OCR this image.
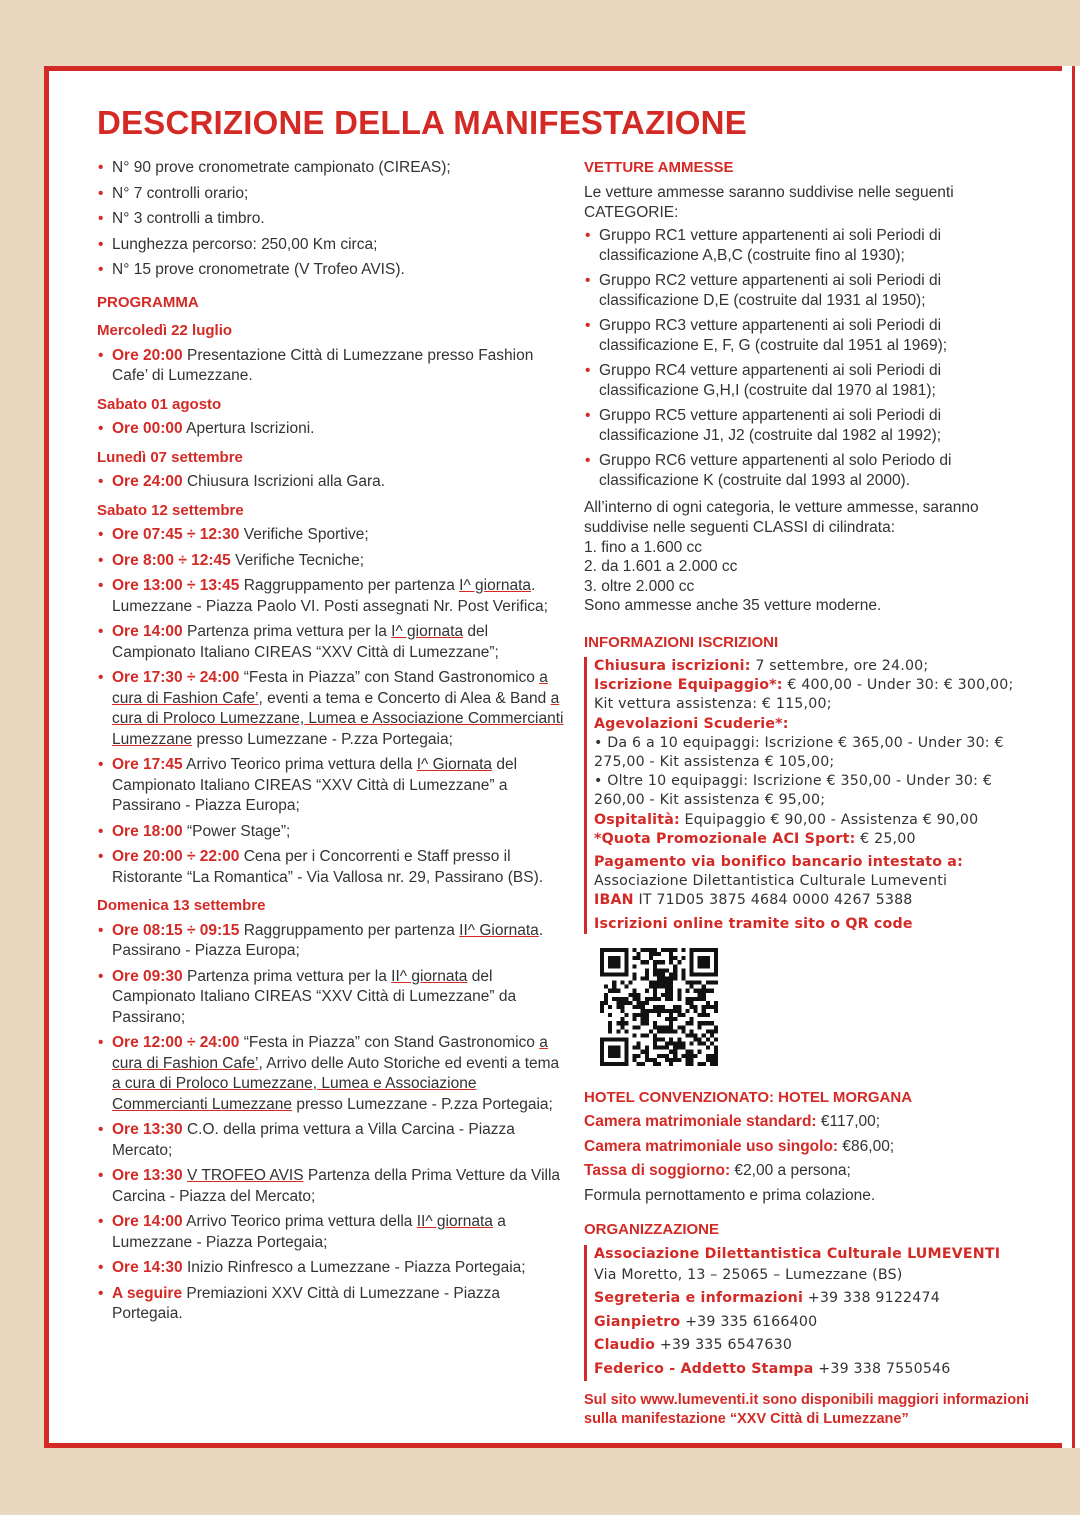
DESCRIZIONE DELLA MANIFESTAZIONE
• N° 90 prove cronometrate campionato (CIREAS);
• N° 7 controlli orario;
• N° 3 controlli a timbro.
• Lunghezza percorso: 250,00 Km circa;
• N° 15 prove cronometrate (V Trofeo AVIS).
PROGRAMMA
Mercoledì 22 luglio
• Ore 20:00 Presentazione Città di Lumezzane presso Fashion Cafe’ di Lumezzane.
Sabato 01 agosto
• Ore 00:00 Apertura Iscrizioni.
Lunedì 07 settembre
• Ore 24:00 Chiusura Iscrizioni alla Gara.
Sabato 12 settembre
• Ore 07:45 ÷ 12:30 Verifiche Sportive;
• Ore 8:00 ÷ 12:45 Verifiche Tecniche;
• Ore 13:00 ÷ 13:45 Raggruppamento per partenza I^ giornata. Lumezzane - Piazza Paolo VI. Posti assegnati Nr. Post Verifica;
• Ore 14:00 Partenza prima vettura per la I^ giornata del Campionato Italiano CIREAS “XXV Città di Lumezzane”;
• Ore 17:30 ÷ 24:00 “Festa in Piazza” con Stand Gastronomico a cura di Fashion Cafe’, eventi a tema e Concerto di Alea & Band a cura di Proloco Lumezzane, Lumea e Associazione Commercianti Lumezzane presso Lumezzane - P.zza Portegaia;
• Ore 17:45 Arrivo Teorico prima vettura della I^ Giornata del Campionato Italiano CIREAS “XXV Città di Lumezzane” a Passirano - Piazza Europa;
• Ore 18:00 “Power Stage”;
• Ore 20:00 ÷ 22:00 Cena per i Concorrenti e Staff presso il Ristorante “La Romantica” - Via Vallosa nr. 29, Passirano (BS).
Domenica 13 settembre
• Ore 08:15 ÷ 09:15 Raggruppamento per partenza II^ Giornata. Passirano - Piazza Europa;
• Ore 09:30 Partenza prima vettura per la II^ giornata del Campionato Italiano CIREAS “XXV Città di Lumezzane” da Passirano;
• Ore 12:00 ÷ 24:00 “Festa in Piazza” con Stand Gastronomico a cura di Fashion Cafe’, Arrivo delle Auto Storiche ed eventi a tema a cura di Proloco Lumezzane, Lumea e Associazione Commercianti Lumezzane presso Lumezzane - P.zza Portegaia;
• Ore 13:30 C.O. della prima vettura a Villa Carcina - Piazza Mercato;
• Ore 13:30 V TROFEO AVIS Partenza della Prima Vetture da Villa Carcina - Piazza del Mercato;
• Ore 14:00 Arrivo Teorico prima vettura della II^ giornata a Lumezzane - Piazza Portegaia;
• Ore 14:30 Inizio Rinfresco a Lumezzane - Piazza Portegaia;
• A seguire Premiazioni XXV Città di Lumezzane - Piazza Portegaia.
VETTURE AMMESSE

Le vetture ammesse saranno suddivise nelle seguenti CATEGORIE:

• Gruppo RC1 vetture appartenenti ai soli Periodi di classificazione A,B,C (costruite fino al 1930);
• Gruppo RC2 vetture appartenenti ai soli Periodi di classificazione D,E (costruite dal 1931 al 1950);
• Gruppo RC3 vetture appartenenti ai soli Periodi di classificazione E, F, G (costruite dal 1951 al 1969);
• Gruppo RC4 vetture appartenenti ai soli Periodi di classificazione G,H,I (costruite dal 1970 al 1981);
• Gruppo RC5 vetture appartenenti ai soli Periodi di classificazione J1, J2 (costruite dal 1982 al 1992);
• Gruppo RC6 vetture appartenenti al solo Periodo di classificazione K (costruite dal 1993 al 2000).

All’interno di ogni categoria, le vetture ammesse, saranno suddivise nelle seguenti CLASSI di cilindrata:

1. fino a 1.600 cc

2. da 1.601 a 2.000 cc

3. oltre 2.000 cc

Sono ammesse anche 35 vetture moderne.

INFORMAZIONI ISCRIZIONI
Chiusura iscrizioni: 7 settembre, ore 24.00;
Iscrizione Equipaggio*: € 400,00 - Under 30: € 300,00;
Kit vettura assistenza: € 115,00;
Agevolazioni Scuderie*:
• Da 6 a 10 equipaggi: Iscrizione € 365,00 - Under 30: € 275,00 - Kit assistenza € 105,00;
• Oltre 10 equipaggi: Iscrizione € 350,00 - Under 30: € 260,00 - Kit assistenza € 95,00;
Ospitalità: Equipaggio € 90,00 - Assistenza € 90,00
*Quota Promozionale ACI Sport: € 25,00
Pagamento via bonifico bancario intestato a:
Associazione Dilettantistica Culturale Lumeventi
IBAN IT 71D05 3875 4684 0000 4267 5388
Iscrizioni online tramite sito o QR code
HOTEL CONVENZIONATO: HOTEL MORGANA

Camera matrimoniale standard: €117,00;

Camera matrimoniale uso singolo: €86,00;

Tassa di soggiorno: €2,00 a persona;

Formula pernottamento e prima colazione.

ORGANIZZAZIONE
Associazione Dilettantistica Culturale LUMEVENTI
Via Moretto, 13 – 25065 – Lumezzane (BS)
Segreteria e informazioni +39 338 9122474
Gianpietro +39 335 6166400
Claudio +39 335 6547630
Federico - Addetto Stampa +39 338 7550546

Sul sito www.lumeventi.it sono disponibili maggiori informazioni sulla manifestazione “XXV Città di Lumezzane”
